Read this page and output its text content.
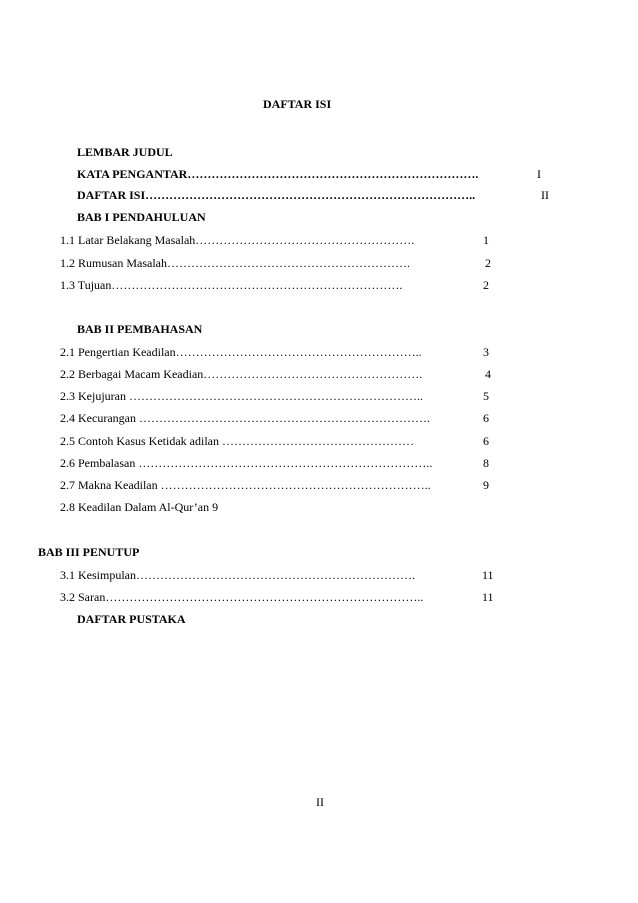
DAFTAR ISI
LEMBAR JUDUL
KATA PENGANTAR……………………………………………………………….	I
DAFTAR ISI………………………………………………………………………..	II
BAB I PENDAHULUAN
1.1 Latar Belakang Masalah……………………………………………….	1
1.2 Rumusan Masalah…………………………………………………….	2
1.3 Tujuan……………………………………………………………….	2
BAB II PEMBAHASAN
2.1 Pengertian Keadilan……………………………………………………..	3
2.2 Berbagai Macam Keadian……………………………………………….	4
2.3 Kejujuran ………………………………………………………………..	5
2.4 Kecurangan ……………………………………………………………….	6
2.5 Contoh Kasus Ketidak adilan …………………………………………	6
2.6 Pembalasan ………………………………………………………………..	8
2.7 Makna Keadilan …………………………………………………………..	9
2.8 Keadilan Dalam Al-Qur’an 9
BAB III PENUTUP
3.1 Kesimpulan…………………………………………………………….	11
3.2 Saran……………………………………………………………………..	11
DAFTAR PUSTAKA
II
